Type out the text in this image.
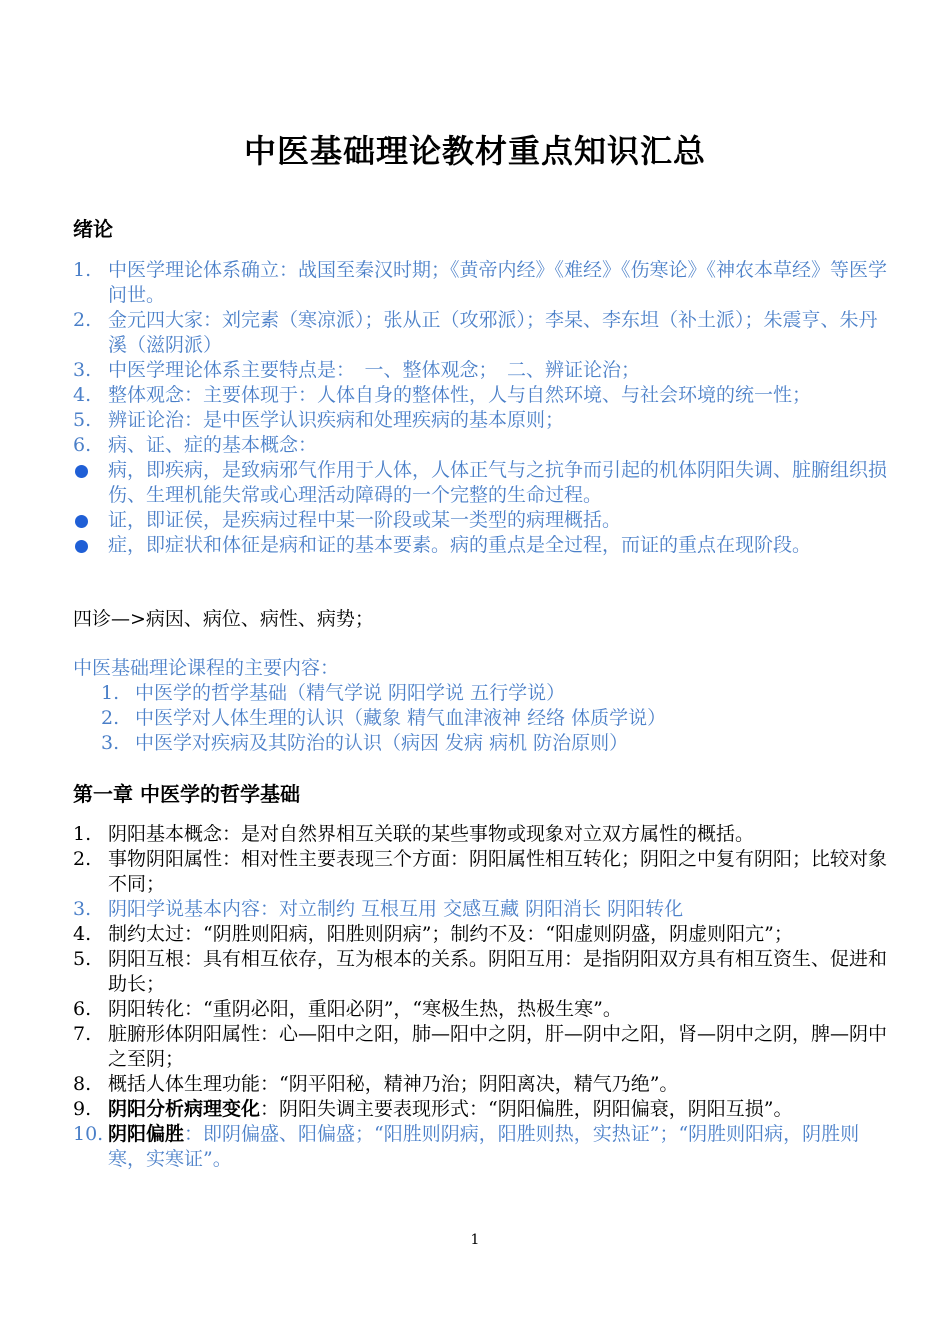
中医基础理论教材重点知识汇总
绪论
1. 中医学理论体系确立：战国至秦汉时期；《黄帝内经》《难经》《伤寒论》《神农本草经》等医学问世。
2. 金元四大家：刘完素（寒凉派）；张从正（攻邪派）；李杲、李东坦（补土派）；朱震亨、朱丹溪（滋阴派）
3. 中医学理论体系主要特点是：　一、整体观念；　二、辨证论治；
4. 整体观念：主要体现于：人体自身的整体性，人与自然环境、与社会环境的统一性；
5. 辨证论治：是中医学认识疾病和处理疾病的基本原则；
6. 病、证、症的基本概念：
病，即疾病，是致病邪气作用于人体，人体正气与之抗争而引起的机体阴阳失调、脏腑组织损伤、生理机能失常或心理活动障碍的一个完整的生命过程。
证，即证侯，是疾病过程中某一阶段或某一类型的病理概括。
症，即症状和体征是病和证的基本要素。病的重点是全过程，而证的重点在现阶段。

四诊—>病因、病位、病性、病势；

中医基础理论课程的主要内容：

1. 中医学的哲学基础（精气学说 阴阳学说 五行学说）
2. 中医学对人体生理的认识（藏象 精气血津液神 经络 体质学说）
3. 中医学对疾病及其防治的认识（病因 发病 病机 防治原则）
第一章 中医学的哲学基础
1. 阴阳基本概念：是对自然界相互关联的某些事物或现象对立双方属性的概括。
2. 事物阴阳属性：相对性主要表现三个方面：阴阳属性相互转化；阴阳之中复有阴阳；比较对象不同；
3. 阴阳学说基本内容：对立制约 互根互用 交感互藏 阴阳消长 阴阳转化
4. 制约太过：“阴胜则阳病，阳胜则阴病”；制约不及：“阳虚则阴盛，阴虚则阳亢”；
5. 阴阳互根：具有相互依存，互为根本的关系。阴阳互用：是指阴阳双方具有相互资生、促进和助长；
6. 阴阳转化：“重阴必阳，重阳必阴”，“寒极生热，热极生寒”。
7. 脏腑形体阴阳属性：心—阳中之阳，肺—阳中之阴，肝—阴中之阳，肾—阴中之阴，脾—阴中之至阴；
8. 概括人体生理功能：“阴平阳秘，精神乃治；阴阳离决，精气乃绝”。
9. 阴阳分析病理变化：阴阳失调主要表现形式：“阴阳偏胜，阴阳偏衰，阴阳互损”。
10. 阴阳偏胜：即阴偏盛、阳偏盛；“阳胜则阴病，阳胜则热，实热证”；“阴胜则阳病，阴胜则寒，实寒证”。
1
